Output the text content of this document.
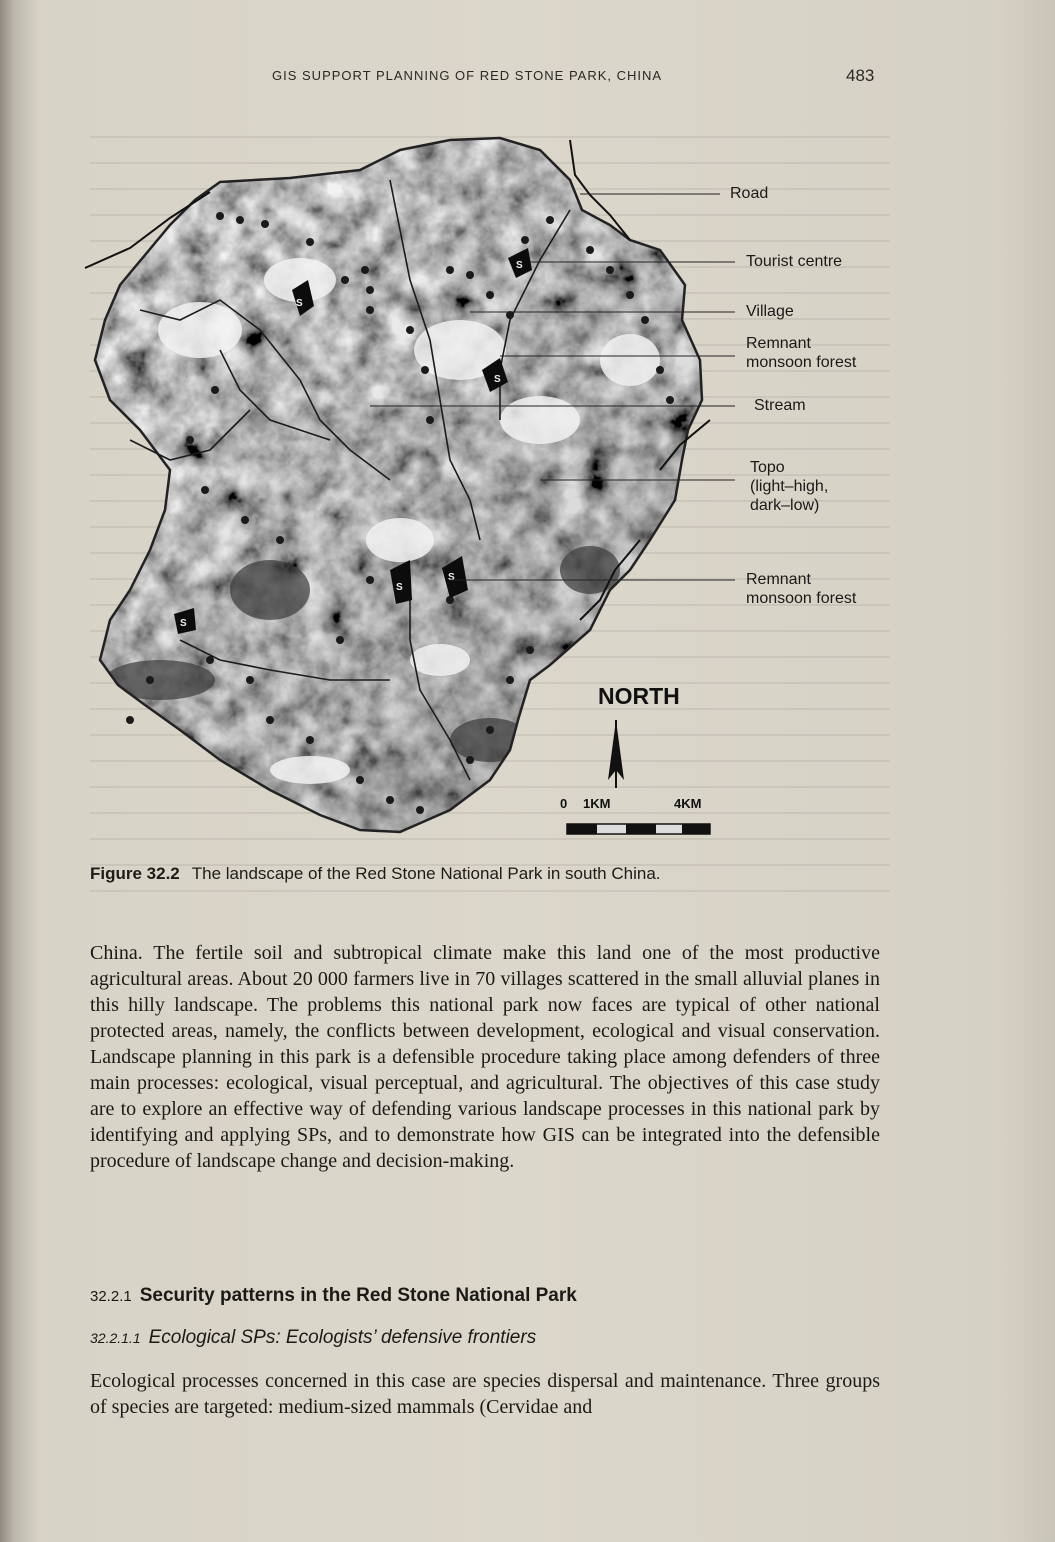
GIS SUPPORT PLANNING OF RED STONE PARK, CHINA	483
S
S
S
S
S
S
Road
Tourist centre
Village
Remnant
monsoon forest
Stream
Topo
(light–high,
dark–low)
Remnant
monsoon forest
NORTH
0 1KM	4KM
Figure 32.2 The landscape of the Red Stone National Park in south China.
China. The fertile soil and subtropical climate make this land one of the most productive agricultural areas. About 20 000 farmers live in 70 villages scattered in the small alluvial planes in this hilly landscape. The problems this national park now faces are typical of other national protected areas, namely, the conflicts between development, ecological and visual conservation. Landscape planning in this park is a defensible procedure taking place among defenders of three main processes: ecological, visual perceptual, and agricultural. The objectives of this case study are to explore an effective way of defending various landscape processes in this national park by identifying and applying SPs, and to demonstrate how GIS can be integrated into the defensible procedure of landscape change and decision-making.
32.2.1 Security patterns in the Red Stone National Park
32.2.1.1 Ecological SPs: Ecologists’ defensive frontiers
Ecological processes concerned in this case are species dispersal and maintenance. Three groups of species are targeted: medium-sized mammals (Cervidae and
